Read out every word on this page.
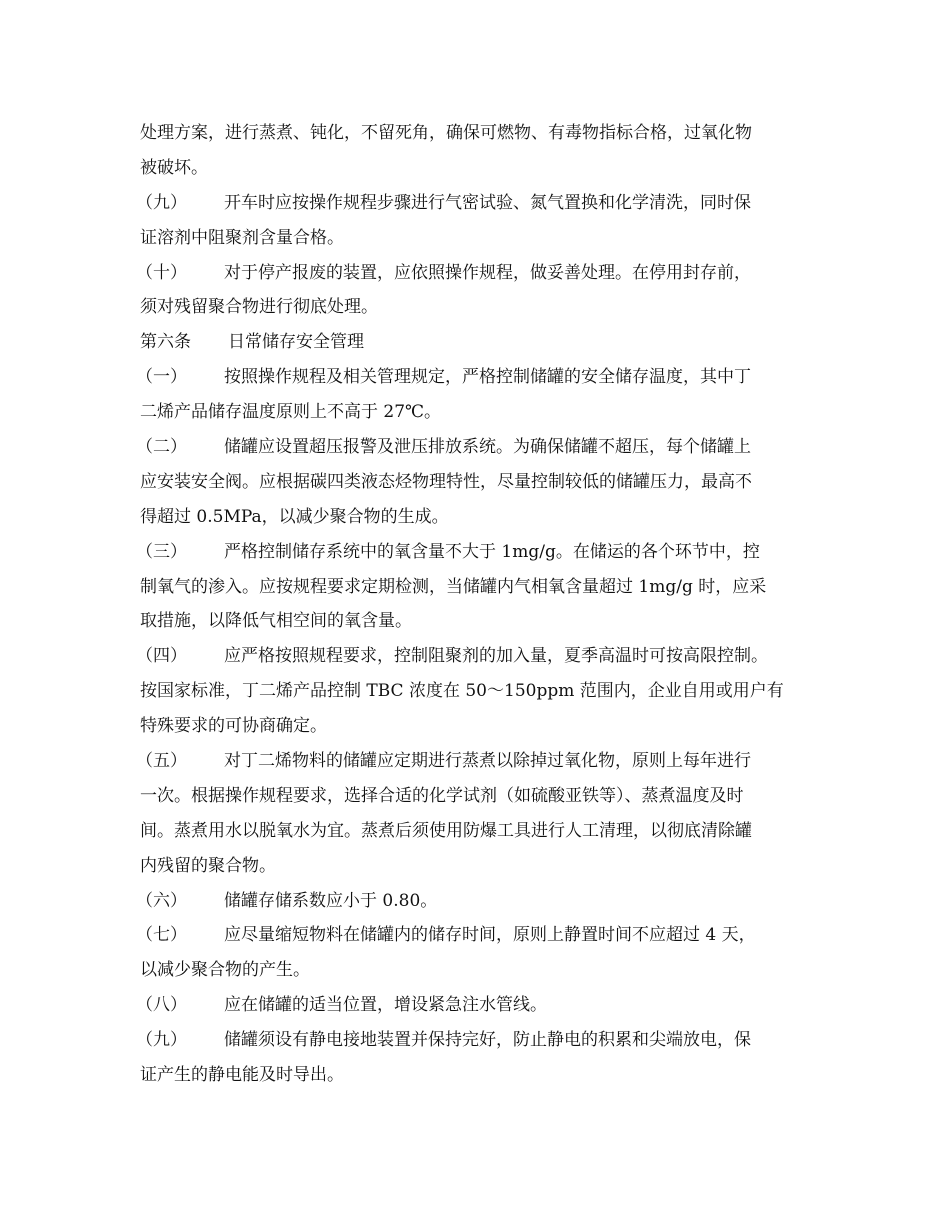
处理方案，进行蒸煮、钝化，不留死角，确保可燃物、有毒物指标合格，过氧化物
被破坏。
（九） 开车时应按操作规程步骤进行气密试验、氮气置换和化学清洗，同时保
证溶剂中阻聚剂含量合格。
（十） 对于停产报废的装置，应依照操作规程，做妥善处理。在停用封存前，
须对残留聚合物进行彻底处理。
第六条 日常储存安全管理
（一） 按照操作规程及相关管理规定，严格控制储罐的安全储存温度，其中丁
二烯产品储存温度原则上不高于 27℃。
（二） 储罐应设置超压报警及泄压排放系统。为确保储罐不超压，每个储罐上
应安装安全阀。应根据碳四类液态烃物理特性，尽量控制较低的储罐压力，最高不
得超过 0.5MPa，以减少聚合物的生成。
（三） 严格控制储存系统中的氧含量不大于 1mg/g。在储运的各个环节中，控
制氧气的渗入。应按规程要求定期检测，当储罐内气相氧含量超过 1mg/g 时，应采
取措施，以降低气相空间的氧含量。
（四） 应严格按照规程要求，控制阻聚剂的加入量，夏季高温时可按高限控制。
按国家标准，丁二烯产品控制 TBC 浓度在 50～150ppm 范围内，企业自用或用户有
特殊要求的可协商确定。
（五） 对丁二烯物料的储罐应定期进行蒸煮以除掉过氧化物，原则上每年进行
一次。根据操作规程要求，选择合适的化学试剂（如硫酸亚铁等）、蒸煮温度及时
间。蒸煮用水以脱氧水为宜。蒸煮后须使用防爆工具进行人工清理，以彻底清除罐
内残留的聚合物。
（六） 储罐存储系数应小于 0.80。
（七） 应尽量缩短物料在储罐内的储存时间，原则上静置时间不应超过 4 天，
以减少聚合物的产生。
（八） 应在储罐的适当位置，增设紧急注水管线。
（九） 储罐须设有静电接地装置并保持完好，防止静电的积累和尖端放电，保
证产生的静电能及时导出。
